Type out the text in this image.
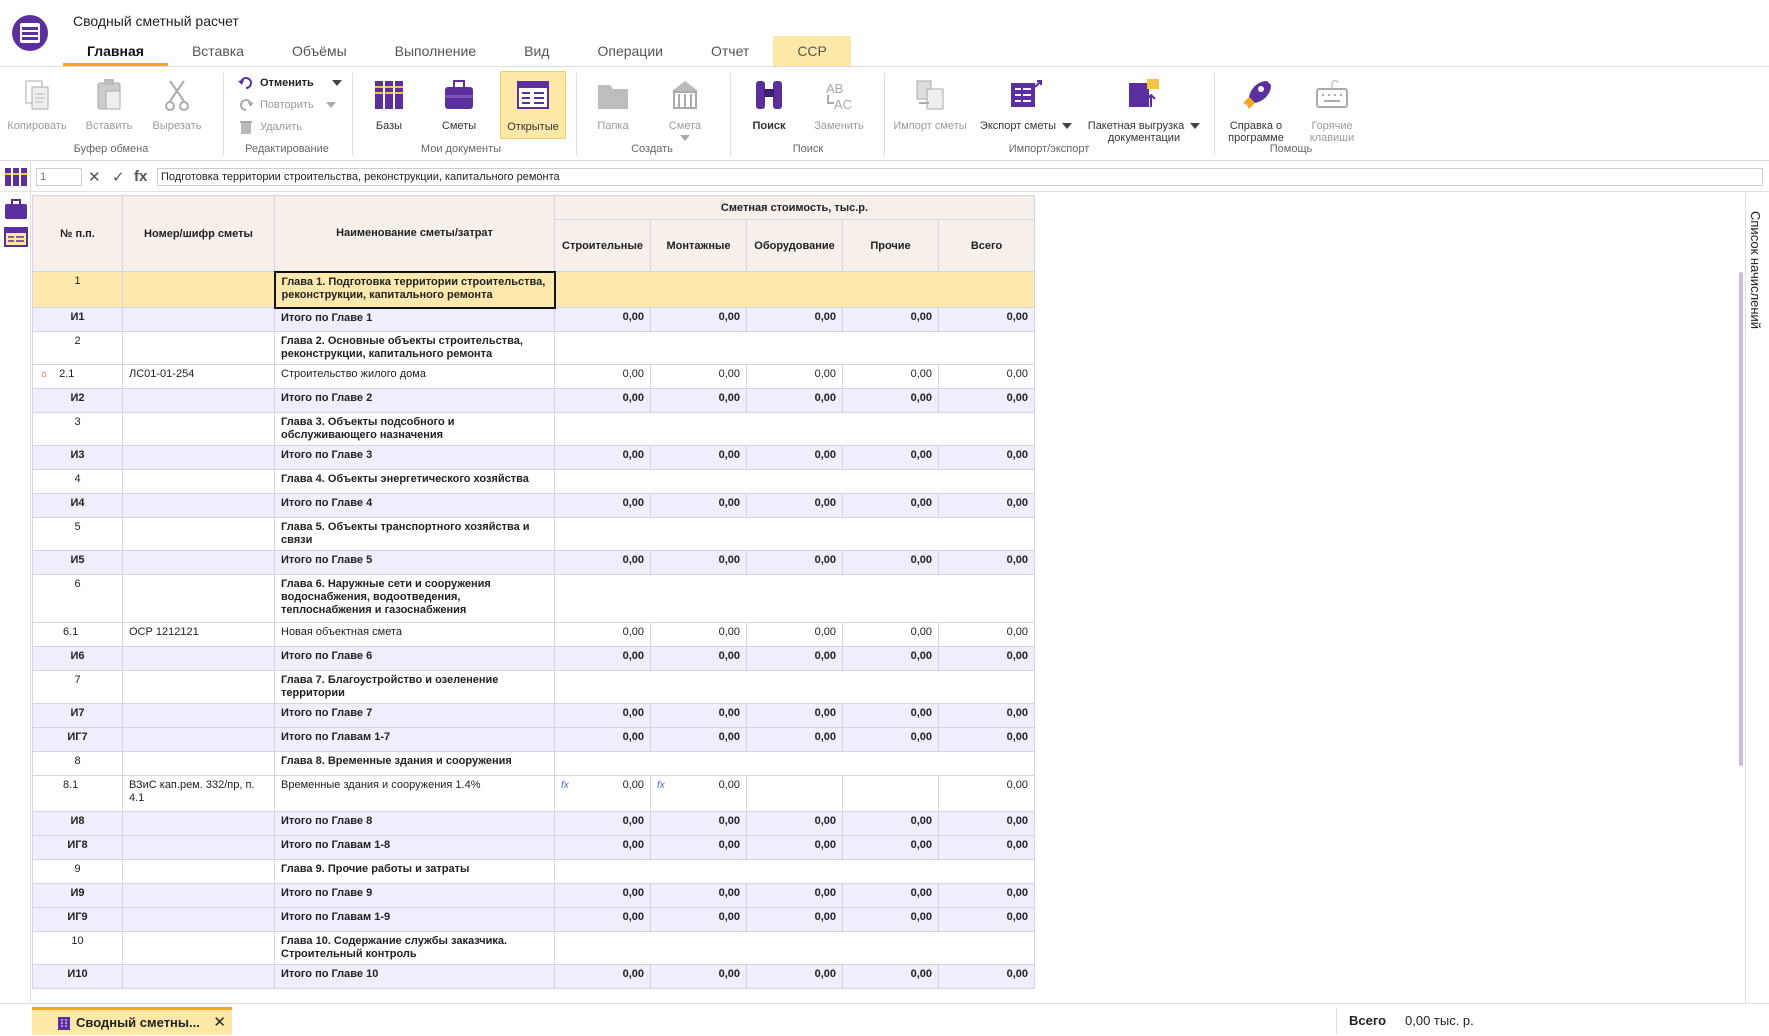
Сводный сметный расчет
Главная	Вставка	Объёмы	Выполнение	Вид	Операции	Отчет	ССР
Копировать	Вставить	Вырезать
Буфер обмена
Отменить
Повторить
Удалить
Редактирование
Базы	Сметы	Открытые
Мои документы
Папка	Смета
Создать
Поиск
AB
AC
Заменить
Поиск
Импорт сметы	Экспорт сметы	Пакетная выгрузка
документации
Импорт/экспорт
Справка о
программе
Горячие
клавиши
Помощь
1
✕ ✓ fx	Подготовка территории строительства, реконструкции, капитального ремонта
№ п.п.	Номер/шифр сметы	Наименование сметы/затрат	Сметная стоимость, тыс.р.				
			Строительные	Монтажные	Оборудование	Прочие	Всего
1		Глава 1. Подготовка территории строительства, реконструкции, капитального ремонта					
И1		Итого по Главе 1	0,00	0,00	0,00	0,00	0,00
2		Глава 2. Основные объекты строительства, реконструкции, капитального ремонта					
☼ 2.1	ЛС01-01-254	Строительство жилого дома	0,00	0,00	0,00	0,00	0,00
И2		Итого по Главе 2	0,00	0,00	0,00	0,00	0,00
3		Глава 3. Объекты подсобного и обслуживающего назначения					
И3		Итого по Главе 3	0,00	0,00	0,00	0,00	0,00
4		Глава 4. Объекты энергетического хозяйства					
И4		Итого по Главе 4	0,00	0,00	0,00	0,00	0,00
5		Глава 5. Объекты транспортного хозяйства и связи					
И5		Итого по Главе 5	0,00	0,00	0,00	0,00	0,00
6		Глава 6. Наружные сети и сооружения водоснабжения, водоотведения, теплоснабжения и газоснабжения					
6.1	ОСР 1212121	Новая объектная смета	0,00	0,00	0,00	0,00	0,00
И6		Итого по Главе 6	0,00	0,00	0,00	0,00	0,00
7		Глава 7. Благоустройство и озеленение территории					
И7		Итого по Главе 7	0,00	0,00	0,00	0,00	0,00
ИГ7		Итого по Главам 1-7	0,00	0,00	0,00	0,00	0,00
8		Глава 8. Временные здания и сооружения					
8.1	ВЗиС кап.рем. 332/пр, п. 4.1	Временные здания и сооружения 1.4%	fx 0,00	fx 0,00			0,00
И8		Итого по Главе 8	0,00	0,00	0,00	0,00	0,00
ИГ8		Итого по Главам 1-8	0,00	0,00	0,00	0,00	0,00
9		Глава 9. Прочие работы и затраты					
И9		Итого по Главе 9	0,00	0,00	0,00	0,00	0,00
ИГ9		Итого по Главам 1-9	0,00	0,00	0,00	0,00	0,00
10		Глава 10. Содержание службы заказчика. Строительный контроль					
И10		Итого по Главе 10	0,00	0,00	0,00	0,00	0,00
Список начислений
Сводный сметны... ✕	Всего 0,00 тыс. р.
